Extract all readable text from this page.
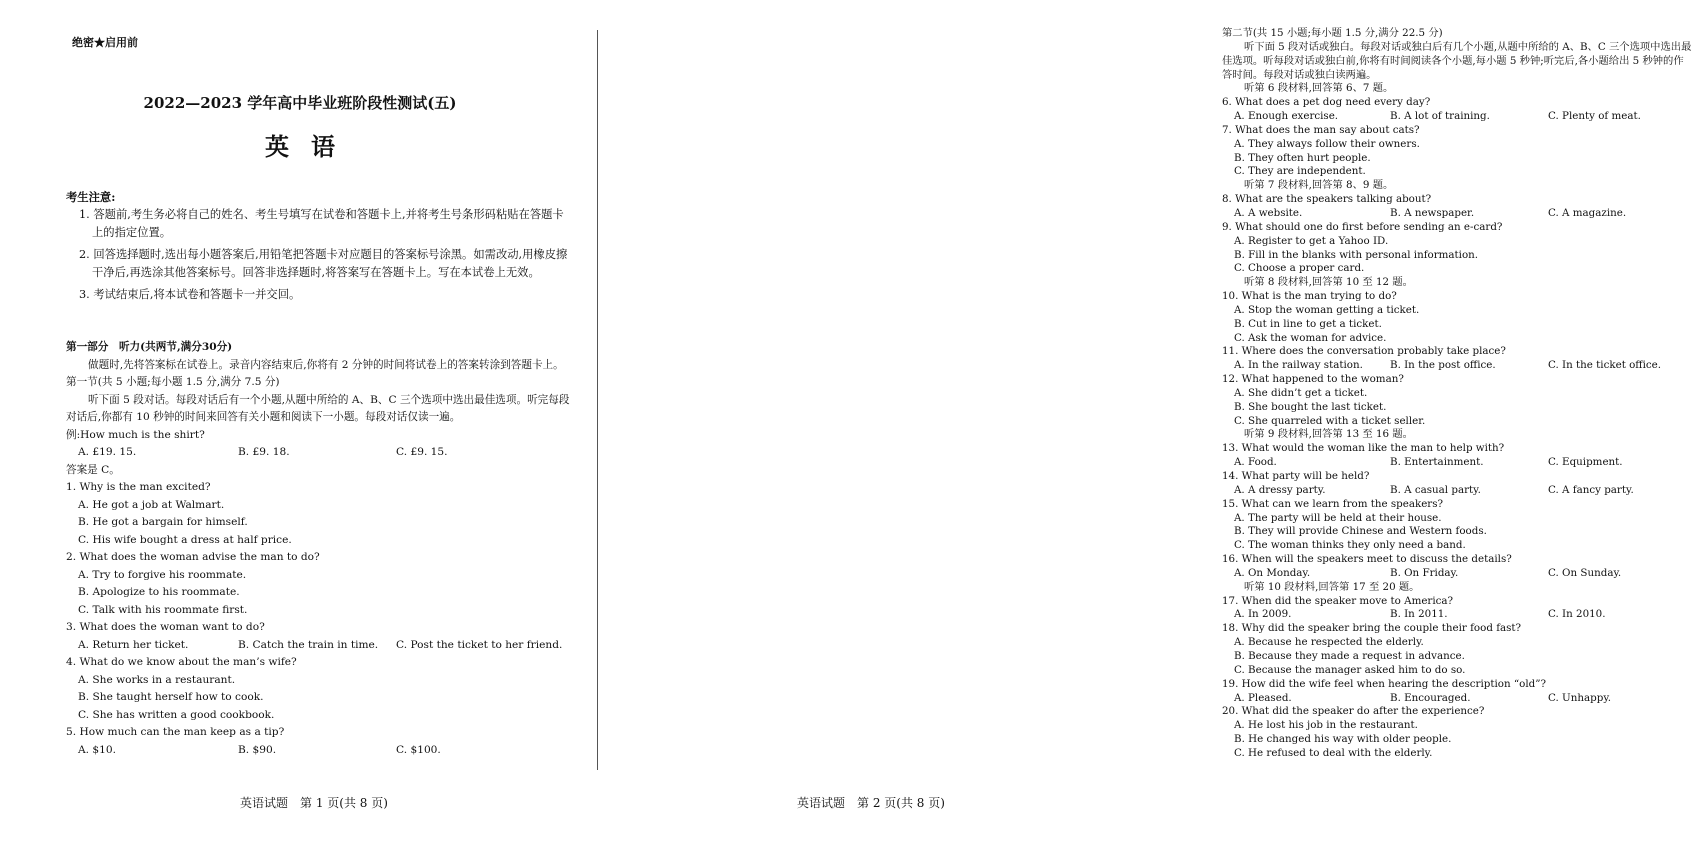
绝密★启用前
2022—2023 学年高中毕业班阶段性测试(五)
英语
考生注意:
1. 答题前,考生务必将自己的姓名、考生号填写在试卷和答题卡上,并将考生号条形码粘贴在答题卡上的指定位置。
2. 回答选择题时,选出每小题答案后,用铅笔把答题卡对应题目的答案标号涂黑。如需改动,用橡皮擦干净后,再选涂其他答案标号。回答非选择题时,将答案写在答题卡上。写在本试卷上无效。
3. 考试结束后,将本试卷和答题卡一并交回。
第一部分　听力(共两节,满分30分)
做题时,先将答案标在试卷上。录音内容结束后,你将有 2 分钟的时间将试卷上的答案转涂到答题卡上。
第一节(共 5 小题;每小题 1.5 分,满分 7.5 分)
听下面 5 段对话。每段对话后有一个小题,从题中所给的 A、B、C 三个选项中选出最佳选项。听完每段对话后,你都有 10 秒钟的时间来回答有关小题和阅读下一小题。每段对话仅读一遍。
例:How much is the shirt?
A. £19. 15.	B. £9. 18.	C. £9. 15.
答案是 C。
1. Why is the man excited?
A. He got a job at Walmart.
B. He got a bargain for himself.
C. His wife bought a dress at half price.
2. What does the woman advise the man to do?
A. Try to forgive his roommate.
B. Apologize to his roommate.
C. Talk with his roommate first.
3. What does the woman want to do?
A. Return her ticket.	B. Catch the train in time.	C. Post the ticket to her friend.
4. What do we know about the man’s wife?
A. She works in a restaurant.
B. She taught herself how to cook.
C. She has written a good cookbook.
5. How much can the man keep as a tip?
A. $10.	B. $90.	C. $100.
英语试题　第 1 页(共 8 页)
第二节(共 15 小题;每小题 1.5 分,满分 22.5 分)
听下面 5 段对话或独白。每段对话或独白后有几个小题,从题中所给的 A、B、C 三个选项中选出最佳选项。听每段对话或独白前,你将有时间阅读各个小题,每小题 5 秒钟;听完后,各小题给出 5 秒钟的作答时间。每段对话或独白读两遍。
听第 6 段材料,回答第 6、7 题。
6. What does a pet dog need every day?
A. Enough exercise.	B. A lot of training.	C. Plenty of meat.
7. What does the man say about cats?
A. They always follow their owners.
B. They often hurt people.
C. They are independent.
听第 7 段材料,回答第 8、9 题。
8. What are the speakers talking about?
A. A website.	B. A newspaper.	C. A magazine.
9. What should one do first before sending an e-card?
A. Register to get a Yahoo ID.
B. Fill in the blanks with personal information.
C. Choose a proper card.
听第 8 段材料,回答第 10 至 12 题。
10. What is the man trying to do?
A. Stop the woman getting a ticket.
B. Cut in line to get a ticket.
C. Ask the woman for advice.
11. Where does the conversation probably take place?
A. In the railway station.	B. In the post office.	C. In the ticket office.
12. What happened to the woman?
A. She didn’t get a ticket.
B. She bought the last ticket.
C. She quarreled with a ticket seller.
听第 9 段材料,回答第 13 至 16 题。
13. What would the woman like the man to help with?
A. Food.	B. Entertainment.	C. Equipment.
14. What party will be held?
A. A dressy party.	B. A casual party.	C. A fancy party.
15. What can we learn from the speakers?
A. The party will be held at their house.
B. They will provide Chinese and Western foods.
C. The woman thinks they only need a band.
16. When will the speakers meet to discuss the details?
A. On Monday.	B. On Friday.	C. On Sunday.
听第 10 段材料,回答第 17 至 20 题。
17. When did the speaker move to America?
A. In 2009.	B. In 2011.	C. In 2010.
18. Why did the speaker bring the couple their food fast?
A. Because he respected the elderly.
B. Because they made a request in advance.
C. Because the manager asked him to do so.
19. How did the wife feel when hearing the description “old”?
A. Pleased.	B. Encouraged.	C. Unhappy.
20. What did the speaker do after the experience?
A. He lost his job in the restaurant.
B. He changed his way with older people.
C. He refused to deal with the elderly.
英语试题　第 2 页(共 8 页)
